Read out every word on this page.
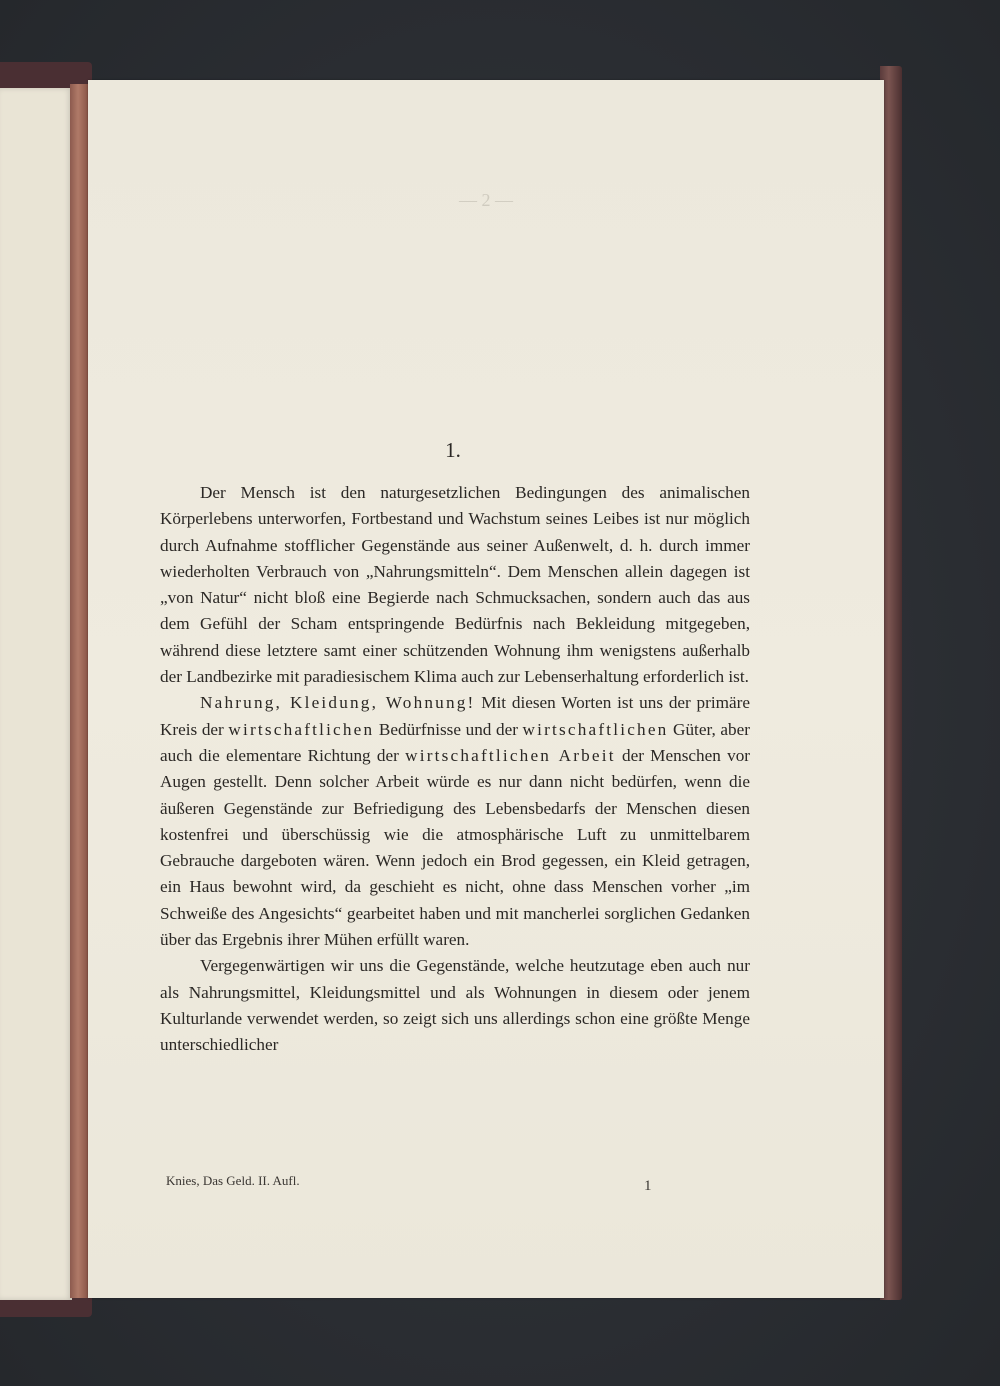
— 2 —
1.

Der Mensch ist den naturgesetzlichen Bedingungen des animalischen Körperlebens unterworfen, Fortbestand und Wachstum seines Leibes ist nur möglich durch Aufnahme stofflicher Gegenstände aus seiner Außenwelt, d. h. durch immer wiederholten Verbrauch von „Nahrungsmitteln“. Dem Menschen allein dagegen ist „von Natur“ nicht bloß eine Begierde nach Schmucksachen, sondern auch das aus dem Gefühl der Scham entspringende Bedürfnis nach Bekleidung mitgegeben, während diese letztere samt einer schützenden Wohnung ihm wenigstens außerhalb der Landbezirke mit paradiesischem Klima auch zur Lebenserhaltung erforderlich ist.

Nahrung, Kleidung, Wohnung! Mit diesen Worten ist uns der primäre Kreis der wirtschaftlichen Bedürfnisse und der wirtschaftlichen Güter, aber auch die elementare Richtung der wirtschaftlichen Arbeit der Menschen vor Augen gestellt. Denn solcher Arbeit würde es nur dann nicht bedürfen, wenn die äußeren Gegenstände zur Befriedigung des Lebensbedarfs der Menschen diesen kostenfrei und überschüssig wie die atmosphärische Luft zu unmittelbarem Gebrauche dargeboten wären. Wenn jedoch ein Brod gegessen, ein Kleid getragen, ein Haus bewohnt wird, da geschieht es nicht, ohne dass Menschen vorher „im Schweiße des Angesichts“ gearbeitet haben und mit mancherlei sorglichen Gedanken über das Ergebnis ihrer Mühen erfüllt waren.

Vergegenwärtigen wir uns die Gegenstände, welche heutzutage eben auch nur als Nahrungsmittel, Kleidungsmittel und als Wohnungen in diesem oder jenem Kulturlande verwendet werden, so zeigt sich uns allerdings schon eine größte Menge unterschiedlicher

Knies, Das Geld. II. Aufl.	1
